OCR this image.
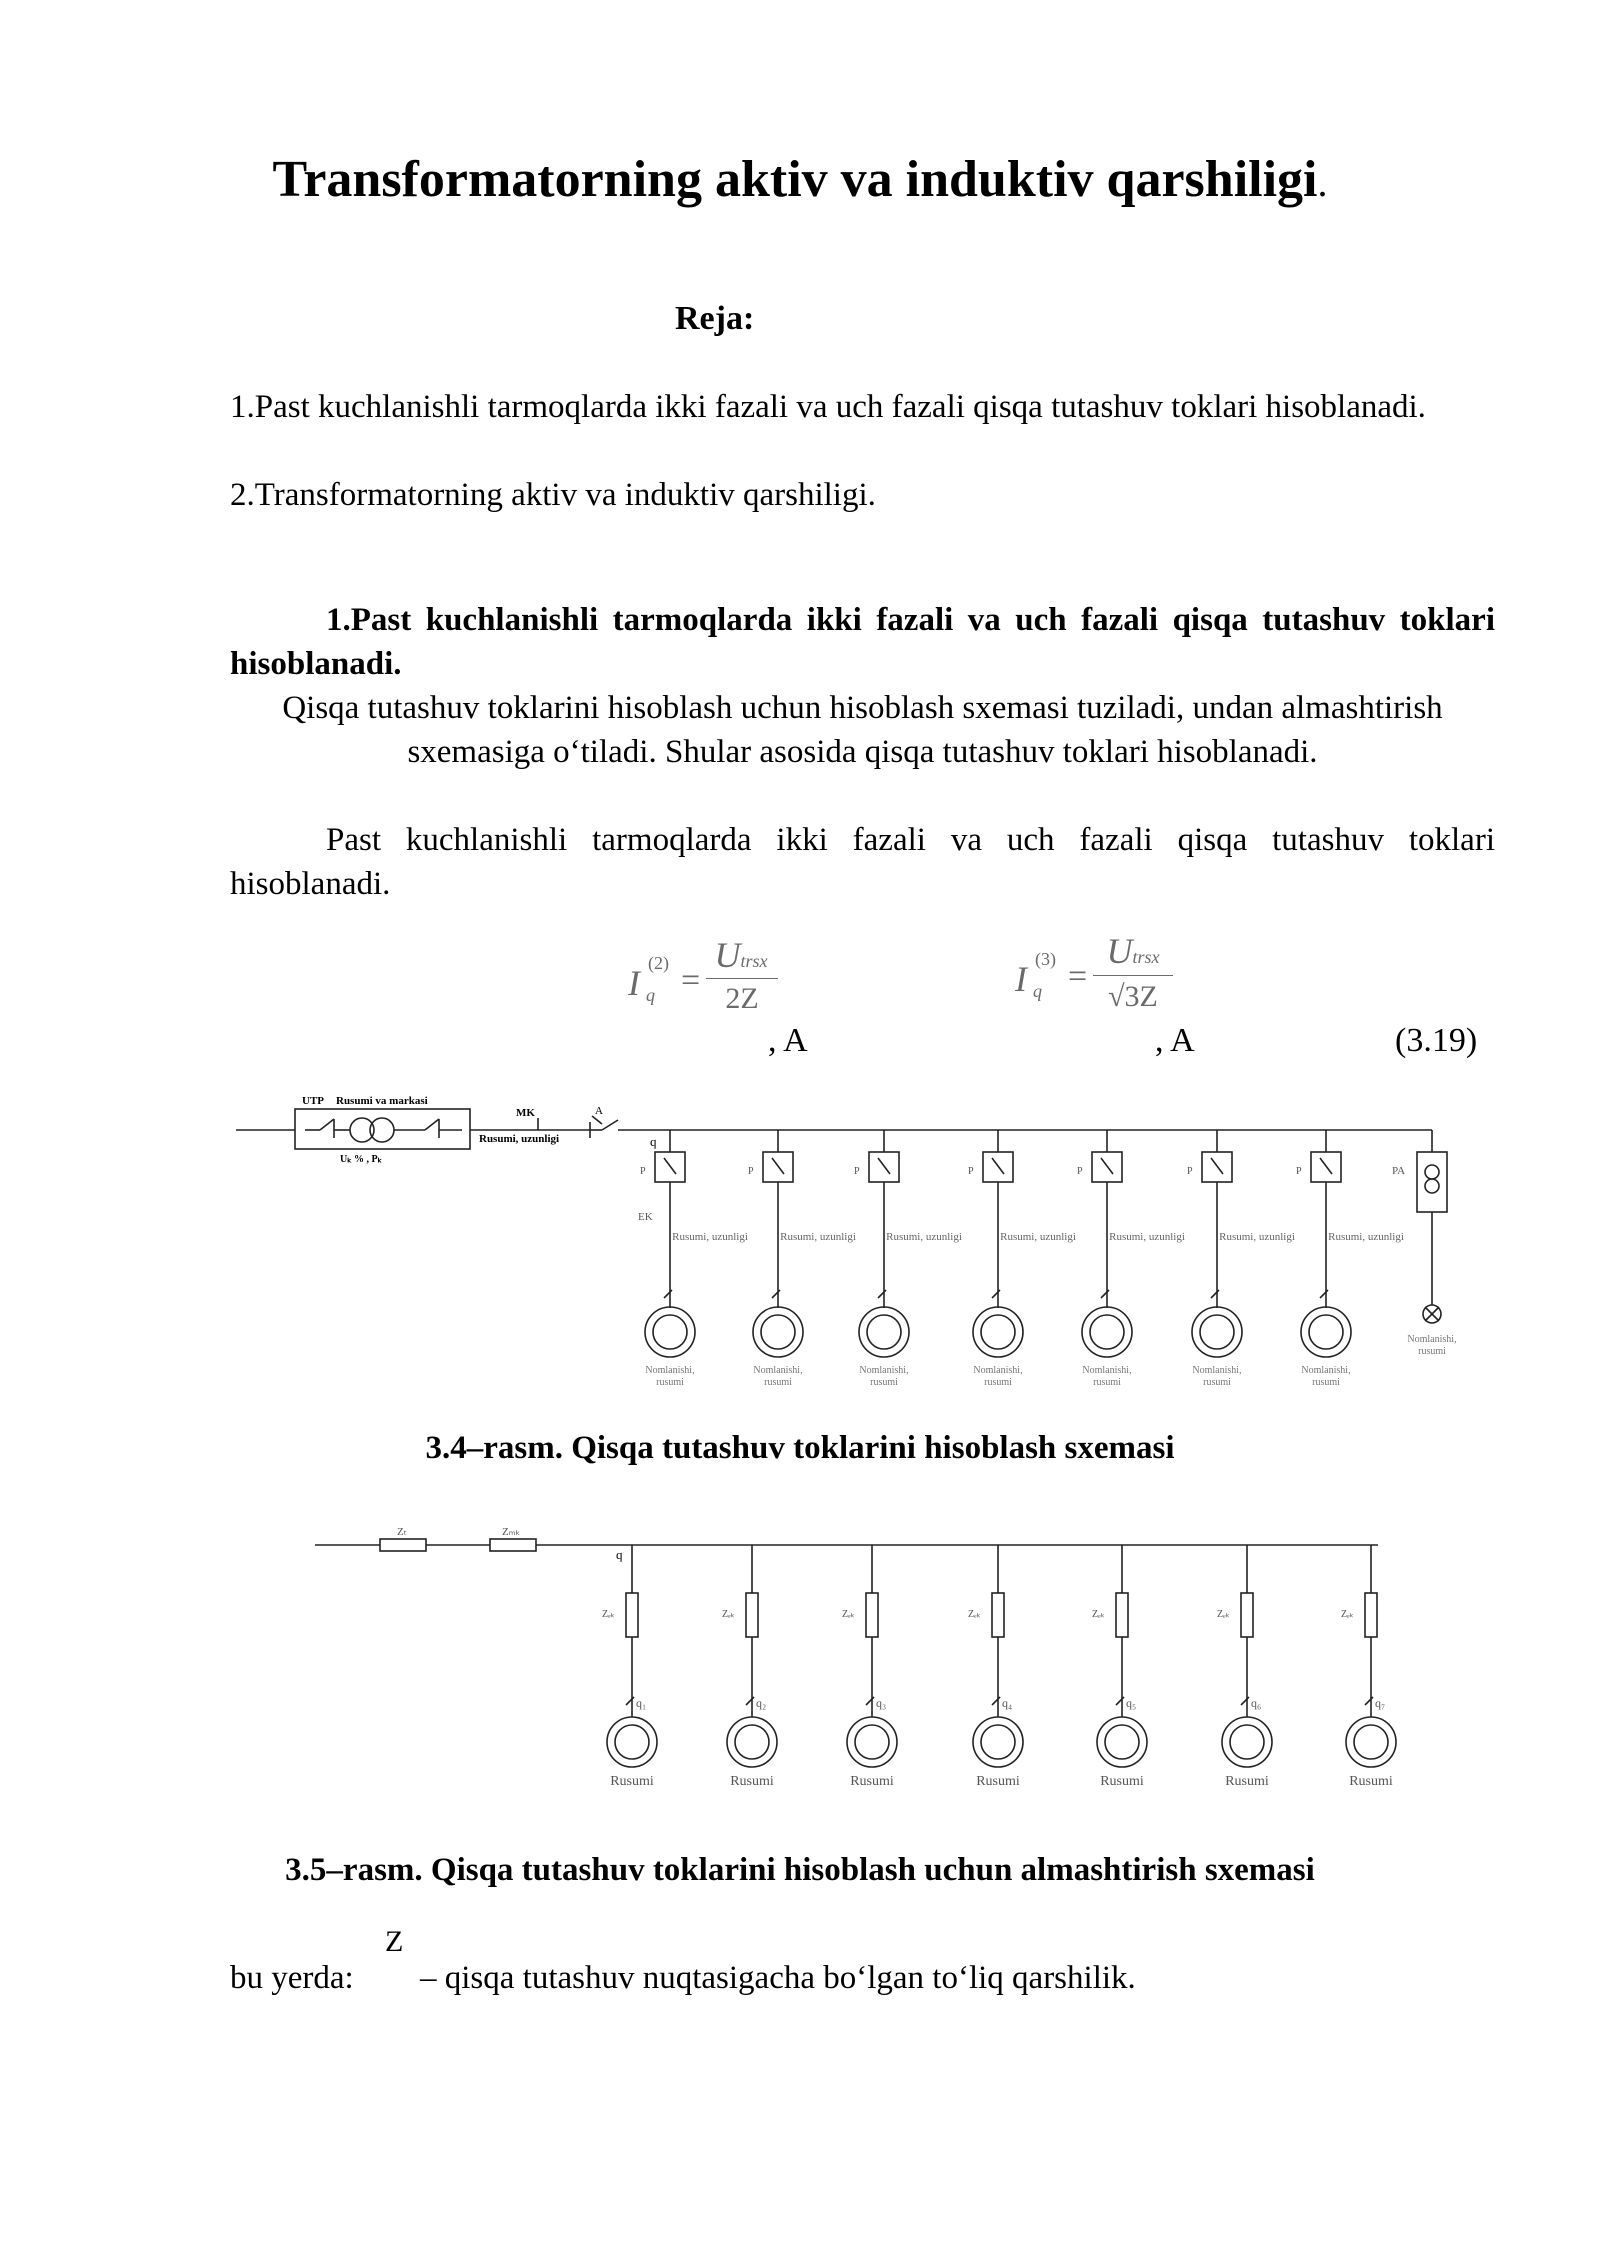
Transformatorning aktiv va induktiv qarshiligi.
Reja:
1.Past kuchlanishli tarmoqlarda ikki fazali va uch fazali qisqa tutashuv toklari hisoblanadi.
2.Transformatorning aktiv va induktiv qarshiligi.
1.Past kuchlanishli tarmoqlarda ikki fazali va uch fazali qisqa tutashuv toklari hisoblanadi.
Qisqa tutashuv toklarini hisoblash uchun hisoblash sxemasi tuziladi, undan almashtirish sxemasiga o‘tiladi. Shular asosida qisqa tutashuv toklari hisoblanadi.
Past kuchlanishli tarmoqlarda ikki fazali va uch fazali qisqa tutashuv toklari hisoblanadi.
I (2)
q =
Utrsx
2Z	I (3)
q =
Utrsx
√3Z
, A	, A	(3.19)
UTP Rusumi va markasi
Uₖ % , Pₖ
MK
Rusumi, uzunligi
A
q
EK
P
Rusumi, uzunligi
Nomlanishi,
rusumi
P
Rusumi, uzunligi
Nomlanishi,
rusumi
P
Rusumi, uzunligi
Nomlanishi,
rusumi
P
Rusumi, uzunligi
Nomlanishi,
rusumi
P
Rusumi, uzunligi
Nomlanishi,
rusumi
P
Rusumi, uzunligi
Nomlanishi,
rusumi
P
Rusumi, uzunligi
Nomlanishi,
rusumi
PA
Nomlanishi,
rusumi
3.4–rasm. Qisqa tutashuv toklarini hisoblash sxemasi
Zₜ	Zₘₖ
q
Zₑₖ
q₁
Rusumi
Zₑₖ
q₂
Rusumi
Zₑₖ
q₃
Rusumi
Zₑₖ
q₄
Rusumi
Zₑₖ
q₅
Rusumi
Zₑₖ
q₆
Rusumi
Zₑₖ
q₇
Rusumi
3.5–rasm. Qisqa tutashuv toklarini hisoblash uchun almashtirish sxemasi
bu yerda:
Z
– qisqa tutashuv nuqtasigacha bo‘lgan to‘liq qarshilik.
